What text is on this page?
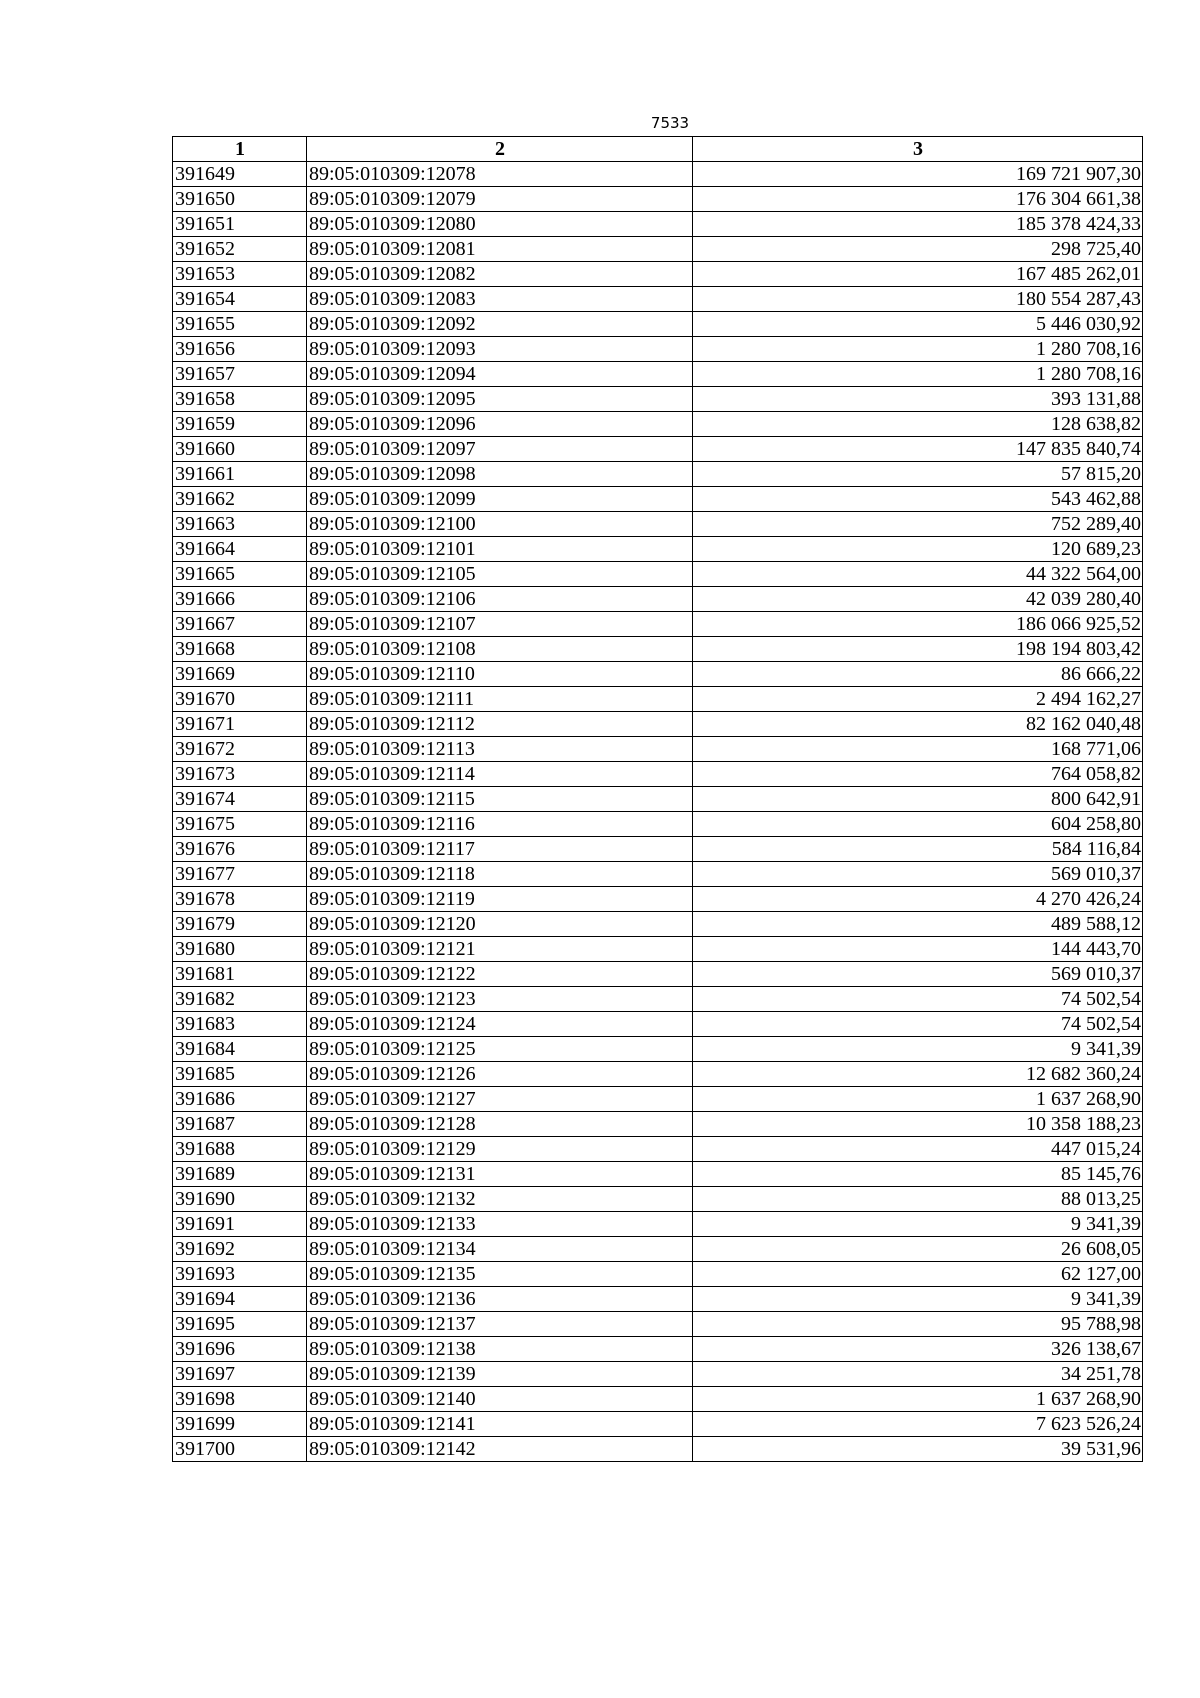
7533
1	2	3
391649	89:05:010309:12078	169 721 907,30
391650	89:05:010309:12079	176 304 661,38
391651	89:05:010309:12080	185 378 424,33
391652	89:05:010309:12081	298 725,40
391653	89:05:010309:12082	167 485 262,01
391654	89:05:010309:12083	180 554 287,43
391655	89:05:010309:12092	5 446 030,92
391656	89:05:010309:12093	1 280 708,16
391657	89:05:010309:12094	1 280 708,16
391658	89:05:010309:12095	393 131,88
391659	89:05:010309:12096	128 638,82
391660	89:05:010309:12097	147 835 840,74
391661	89:05:010309:12098	57 815,20
391662	89:05:010309:12099	543 462,88
391663	89:05:010309:12100	752 289,40
391664	89:05:010309:12101	120 689,23
391665	89:05:010309:12105	44 322 564,00
391666	89:05:010309:12106	42 039 280,40
391667	89:05:010309:12107	186 066 925,52
391668	89:05:010309:12108	198 194 803,42
391669	89:05:010309:12110	86 666,22
391670	89:05:010309:12111	2 494 162,27
391671	89:05:010309:12112	82 162 040,48
391672	89:05:010309:12113	168 771,06
391673	89:05:010309:12114	764 058,82
391674	89:05:010309:12115	800 642,91
391675	89:05:010309:12116	604 258,80
391676	89:05:010309:12117	584 116,84
391677	89:05:010309:12118	569 010,37
391678	89:05:010309:12119	4 270 426,24
391679	89:05:010309:12120	489 588,12
391680	89:05:010309:12121	144 443,70
391681	89:05:010309:12122	569 010,37
391682	89:05:010309:12123	74 502,54
391683	89:05:010309:12124	74 502,54
391684	89:05:010309:12125	9 341,39
391685	89:05:010309:12126	12 682 360,24
391686	89:05:010309:12127	1 637 268,90
391687	89:05:010309:12128	10 358 188,23
391688	89:05:010309:12129	447 015,24
391689	89:05:010309:12131	85 145,76
391690	89:05:010309:12132	88 013,25
391691	89:05:010309:12133	9 341,39
391692	89:05:010309:12134	26 608,05
391693	89:05:010309:12135	62 127,00
391694	89:05:010309:12136	9 341,39
391695	89:05:010309:12137	95 788,98
391696	89:05:010309:12138	326 138,67
391697	89:05:010309:12139	34 251,78
391698	89:05:010309:12140	1 637 268,90
391699	89:05:010309:12141	7 623 526,24
391700	89:05:010309:12142	39 531,96
